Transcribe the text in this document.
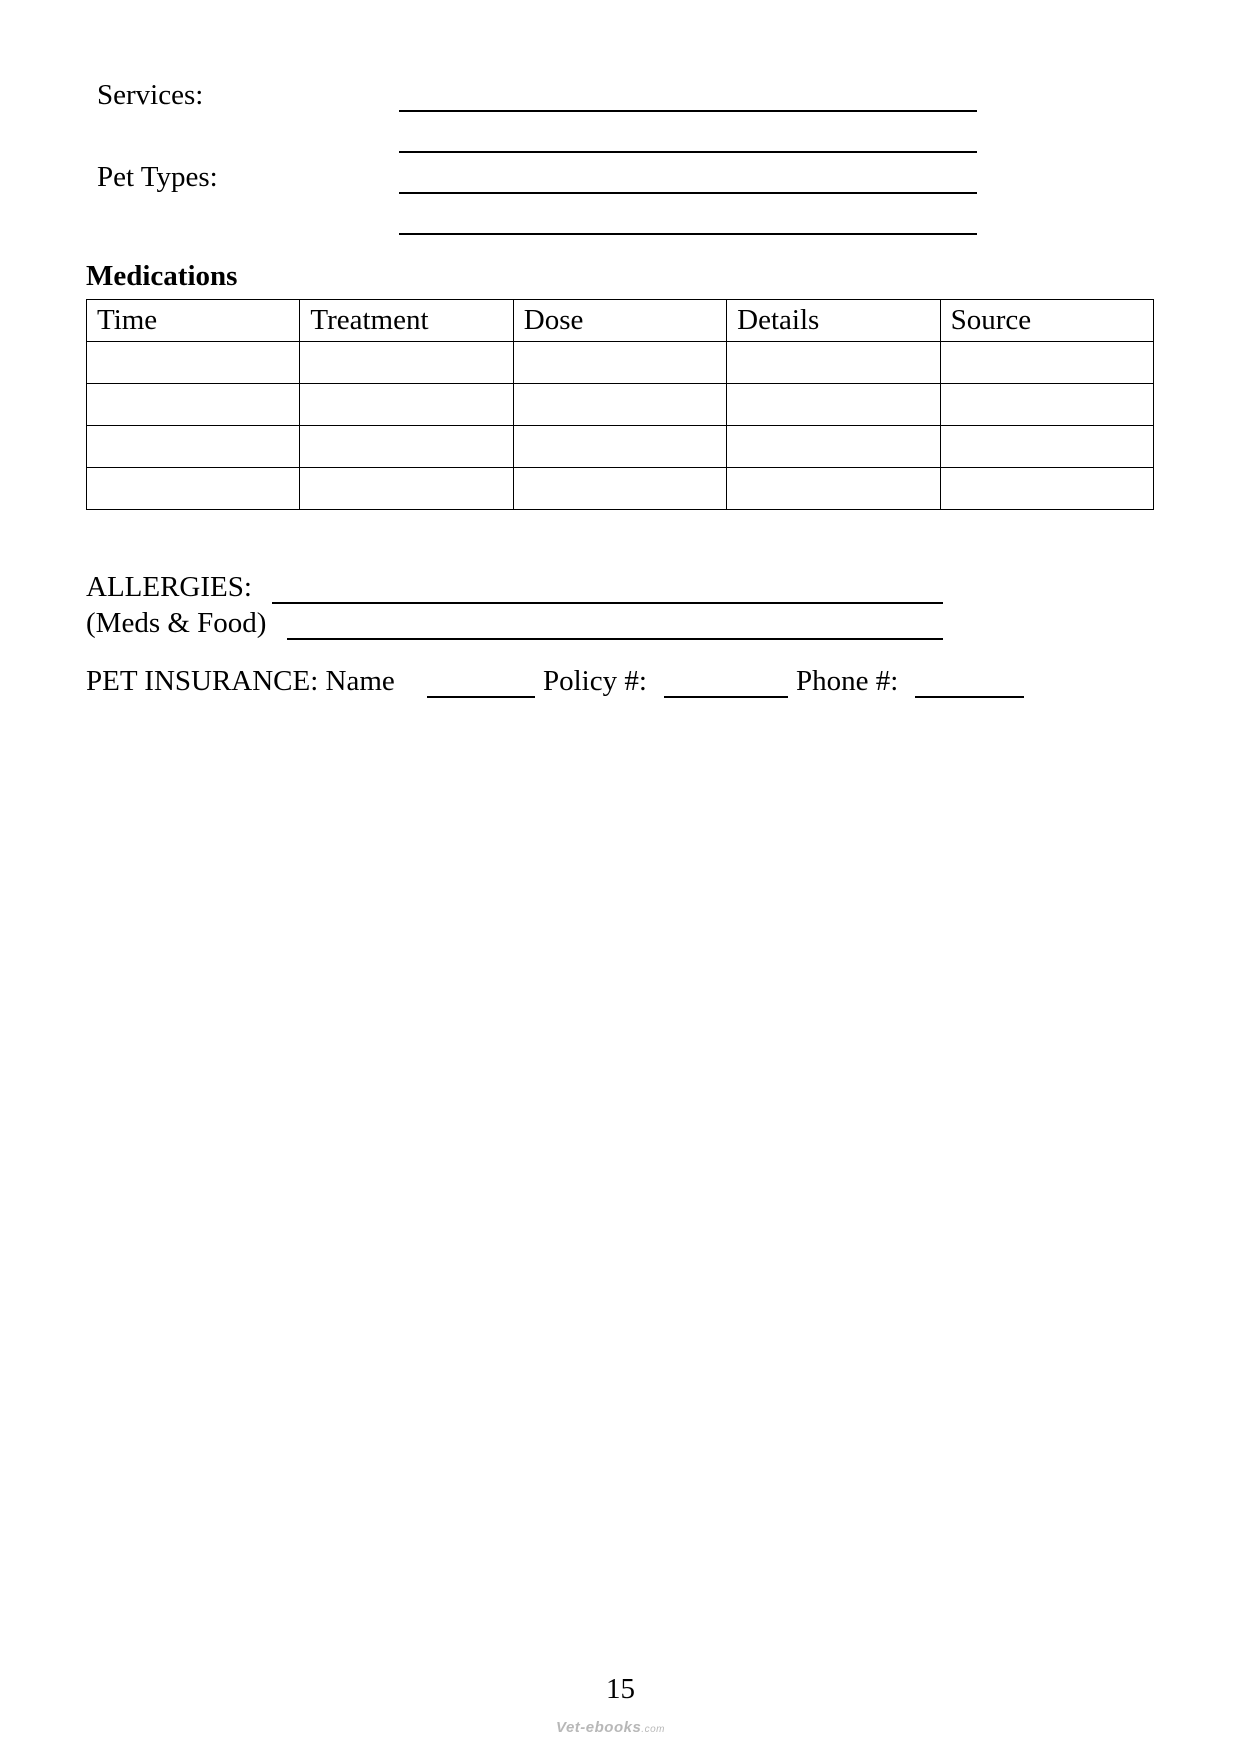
Services:
Pet Types:
Medications
Time	Treatment	Dose	Details	Source

ALLERGIES:
(Meds & Food)
PET INSURANCE: Name	Policy #:	Phone #:
15
Vet-ebooks.com
